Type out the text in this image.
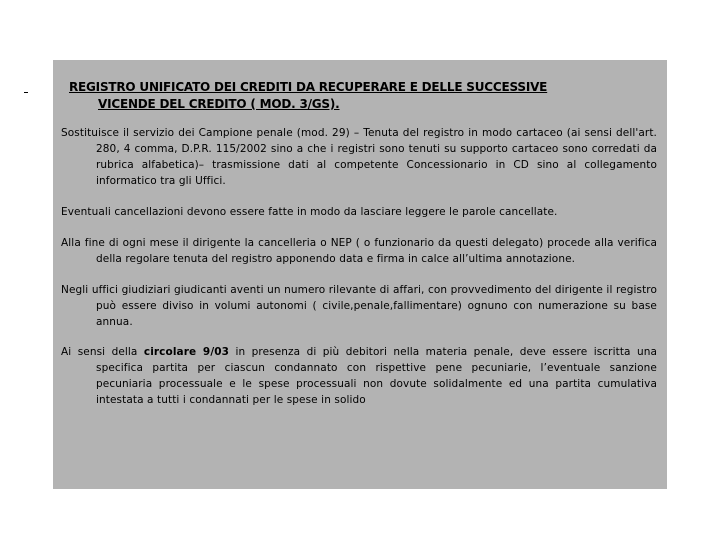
REGISTRO UNIFICATO DEI CREDITI DA RECUPERARE E DELLE SUCCESSIVE
VICENDE DEL CREDITO ( MOD. 3/GS).

Sostituisce il servizio dei Campione penale (mod. 29) – Tenuta del registro in modo cartaceo (ai sensi dell'art. 280, 4 comma, D.P.R. 115/2002 sino a che i registri sono tenuti su supporto cartaceo sono corredati da rubrica alfabetica)– trasmissione dati al competente Concessionario in CD sino al collegamento informatico tra gli Uffici.

Eventuali cancellazioni devono essere fatte in modo da lasciare leggere le parole cancellate.

Alla fine di ogni mese il dirigente la cancelleria o NEP ( o funzionario da questi delegato) procede alla verifica della regolare tenuta del registro apponendo data e firma in calce all’ultima annotazione.

Negli uffici giudiziari giudicanti aventi un numero rilevante di affari, con provvedimento del dirigente il registro può essere diviso in volumi autonomi ( civile,penale,fallimentare) ognuno con numerazione su base annua.

Ai sensi della circolare 9/03 in presenza di più debitori nella materia penale, deve essere iscritta una specifica partita per ciascun condannato con rispettive pene pecuniarie, l’eventuale sanzione pecuniaria processuale e le spese processuali non dovute solidalmente ed una partita cumulativa intestata a tutti i condannati per le spese in solido
